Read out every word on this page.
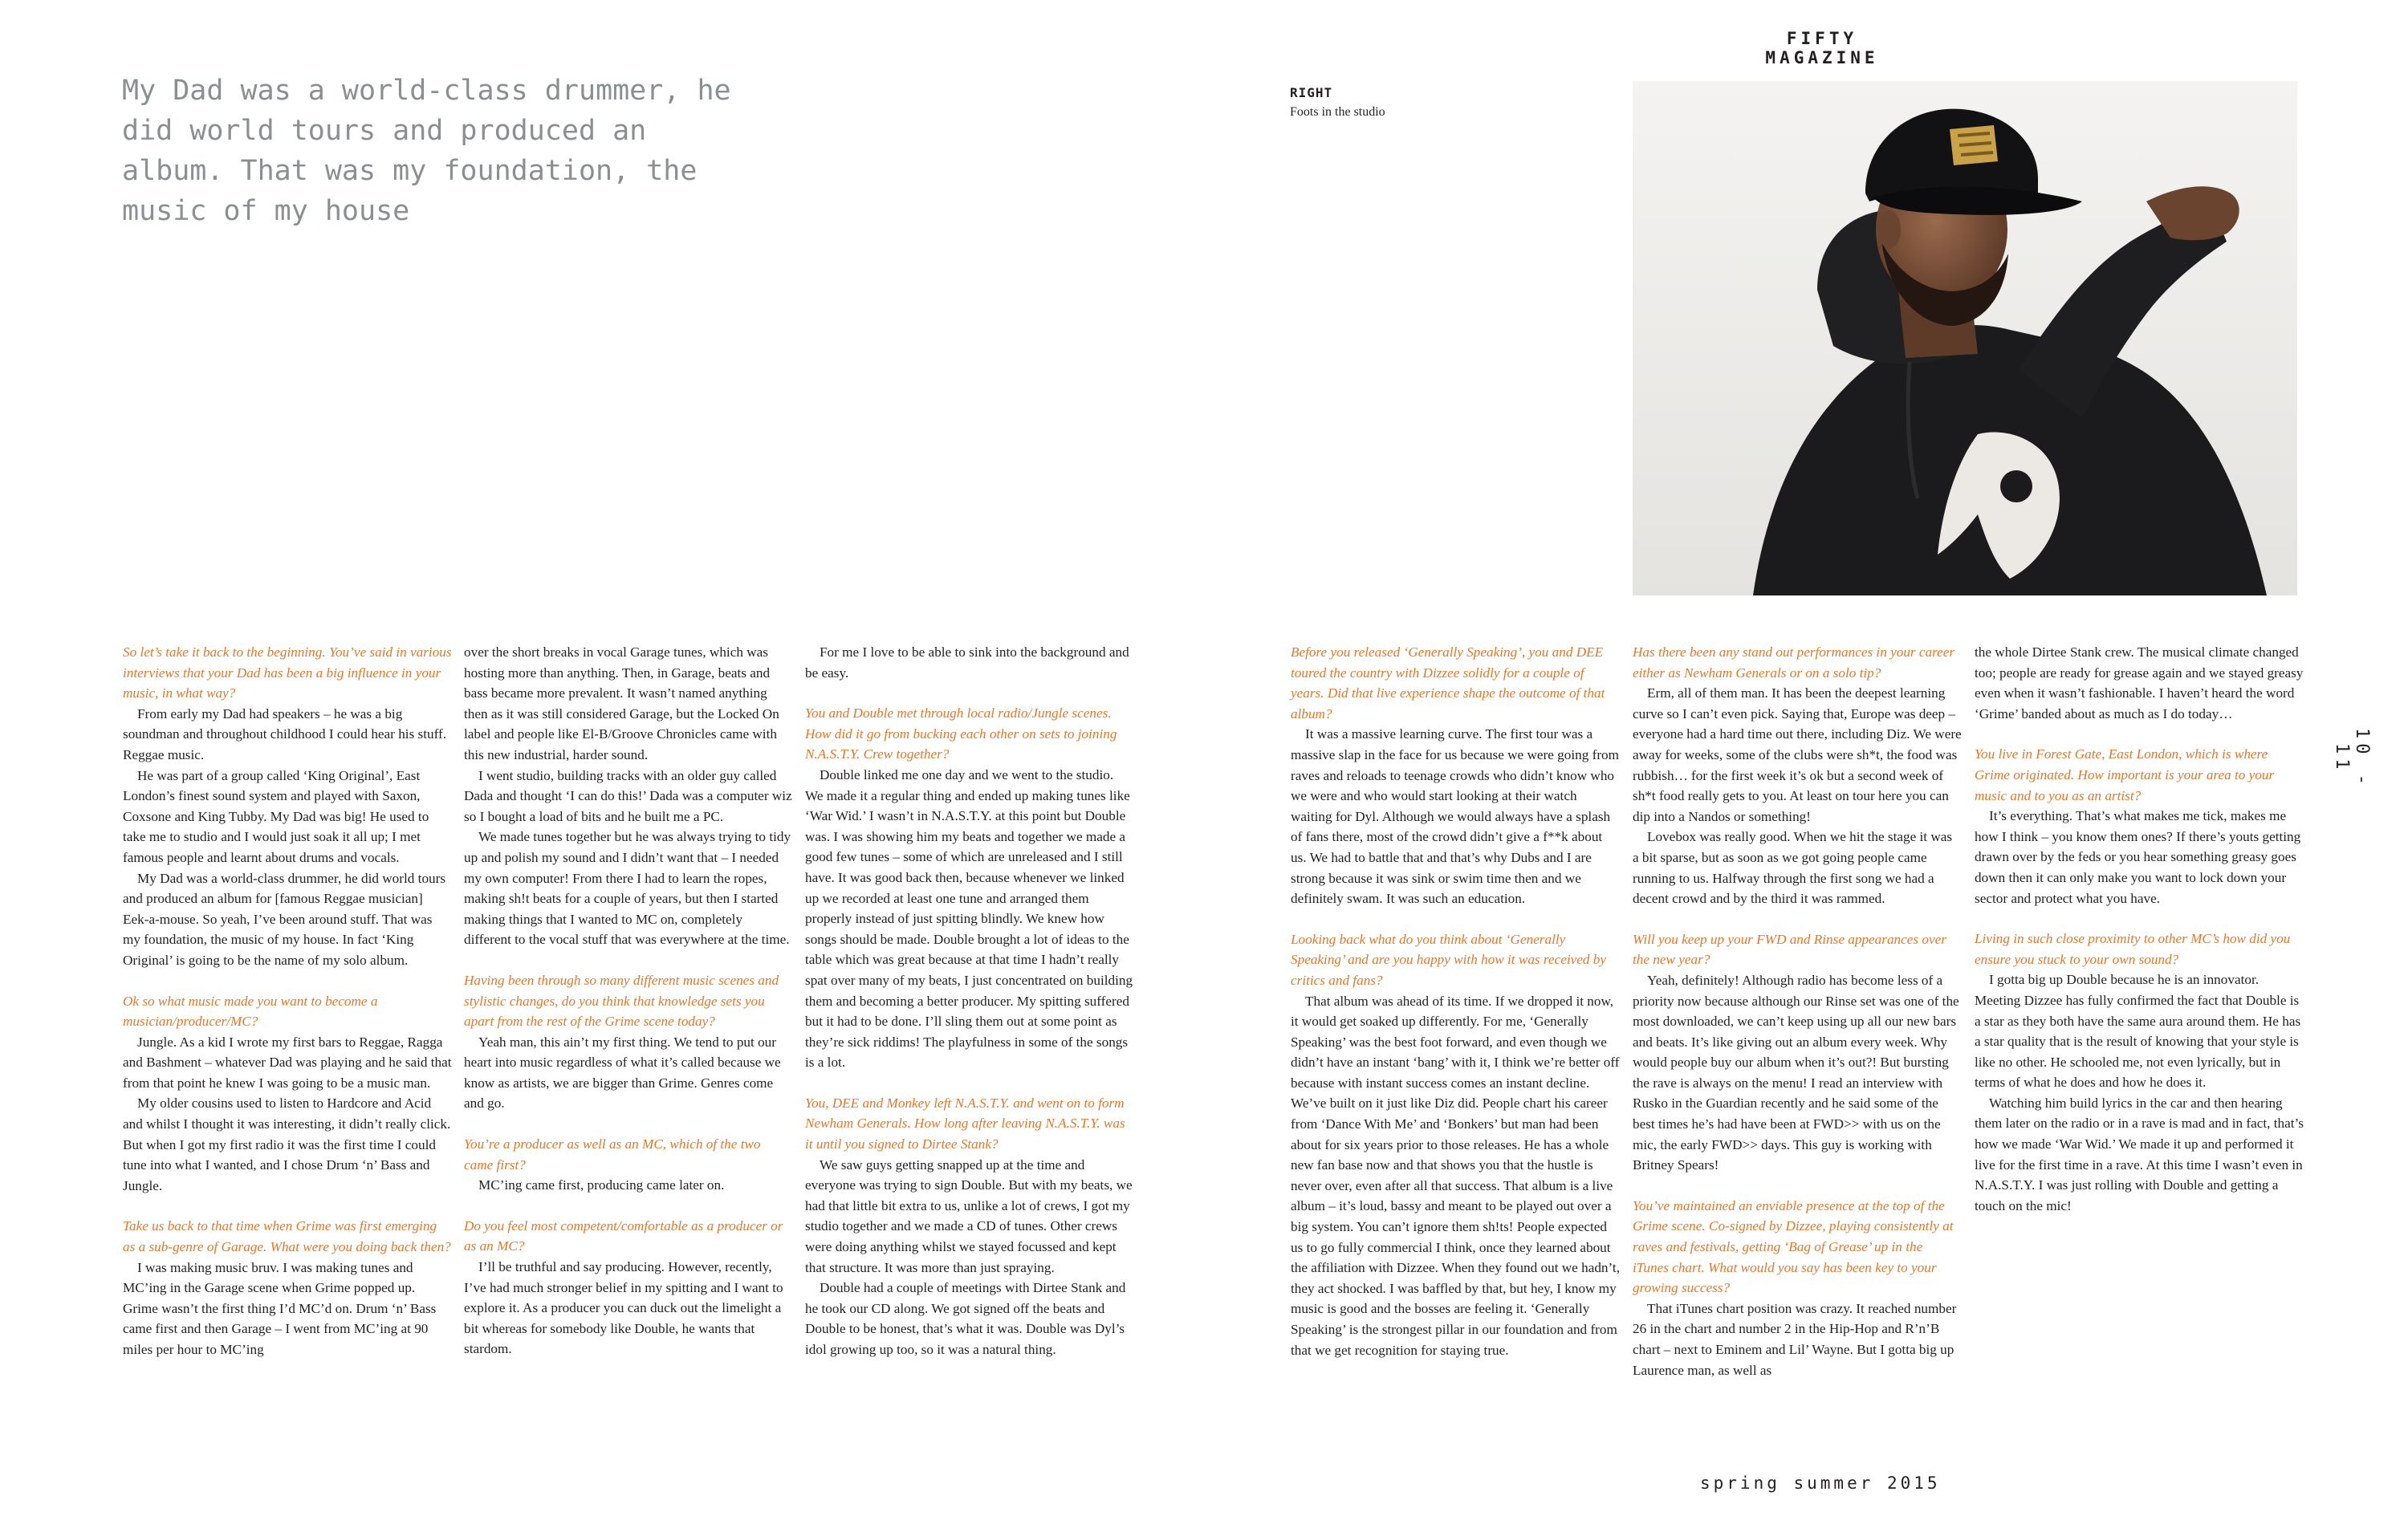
FIFTY MAGAZINE
My Dad was a world-class drummer, he did world tours and produced an album. That was my foundation, the music of my house
RIGHT
Foots in the studio
10 - 11
spring summer 2015

So let’s take it back to the beginning. You’ve said in various interviews that your Dad has been a big influence in your music, in what way?

From early my Dad had speakers – he was a big soundman and throughout childhood I could hear his stuff. Reggae music.

He was part of a group called ‘King Original’, East London’s finest sound system and played with Saxon, Coxsone and King Tubby. My Dad was big! He used to take me to studio and I would just soak it all up; I met famous people and learnt about drums and vocals.

My Dad was a world-class drummer, he did world tours and produced an album for [famous Reggae musician] Eek-a-mouse. So yeah, I’ve been around stuff. That was my foundation, the music of my house. In fact ‘King Original’ is going to be the name of my solo album.

Ok so what music made you want to become a musician/producer/MC?

Jungle. As a kid I wrote my first bars to Reggae, Ragga and Bashment – whatever Dad was playing and he said that from that point he knew I was going to be a music man.

My older cousins used to listen to Hardcore and Acid and whilst I thought it was interesting, it didn’t really click. But when I got my first radio it was the first time I could tune into what I wanted, and I chose Drum ‘n’ Bass and Jungle.

Take us back to that time when Grime was first emerging as a sub-genre of Garage. What were you doing back then?

I was making music bruv. I was making tunes and MC’ing in the Garage scene when Grime popped up. Grime wasn’t the first thing I’d MC’d on. Drum ‘n’ Bass came first and then Garage – I went from MC’ing at 90 miles per hour to MC’ing

over the short breaks in vocal Garage tunes, which was hosting more than anything. Then, in Garage, beats and bass became more prevalent. It wasn’t named anything then as it was still considered Garage, but the Locked On label and people like El-B/Groove Chronicles came with this new industrial, harder sound.

I went studio, building tracks with an older guy called Dada and thought ‘I can do this!’ Dada was a computer wiz so I bought a load of bits and he built me a PC.

We made tunes together but he was always trying to tidy up and polish my sound and I didn’t want that – I needed my own computer! From there I had to learn the ropes, making sh!t beats for a couple of years, but then I started making things that I wanted to MC on, completely different to the vocal stuff that was everywhere at the time.

Having been through so many different music scenes and stylistic changes, do you think that knowledge sets you apart from the rest of the Grime scene today?

Yeah man, this ain’t my first thing. We tend to put our heart into music regardless of what it’s called because we know as artists, we are bigger than Grime. Genres come and go.

You’re a producer as well as an MC, which of the two came first?

MC’ing came first, producing came later on.

Do you feel most competent/comfortable as a producer or as an MC?

I’ll be truthful and say producing. However, recently, I’ve had much stronger belief in my spitting and I want to explore it. As a producer you can duck out the limelight a bit whereas for somebody like Double, he wants that stardom.

For me I love to be able to sink into the background and be easy.

You and Double met through local radio/Jungle scenes. How did it go from bucking each other on sets to joining N.A.S.T.Y. Crew together?

Double linked me one day and we went to the studio. We made it a regular thing and ended up making tunes like ‘War Wid.’ I wasn’t in N.A.S.T.Y. at this point but Double was. I was showing him my beats and together we made a good few tunes – some of which are unreleased and I still have. It was good back then, because whenever we linked up we recorded at least one tune and arranged them properly instead of just spitting blindly. We knew how songs should be made. Double brought a lot of ideas to the table which was great because at that time I hadn’t really spat over many of my beats, I just concentrated on building them and becoming a better producer. My spitting suffered but it had to be done. I’ll sling them out at some point as they’re sick riddims! The playfulness in some of the songs is a lot.

You, DEE and Monkey left N.A.S.T.Y. and went on to form Newham Generals. How long after leaving N.A.S.T.Y. was it until you signed to Dirtee Stank?

We saw guys getting snapped up at the time and everyone was trying to sign Double. But with my beats, we had that little bit extra to us, unlike a lot of crews, I got my studio together and we made a CD of tunes. Other crews were doing anything whilst we stayed focussed and kept that structure. It was more than just spraying.

Double had a couple of meetings with Dirtee Stank and he took our CD along. We got signed off the beats and Double to be honest, that’s what it was. Double was Dyl’s idol growing up too, so it was a natural thing.

Before you released ‘Generally Speaking’, you and DEE toured the country with Dizzee solidly for a couple of years. Did that live experience shape the outcome of that album?

It was a massive learning curve. The first tour was a massive slap in the face for us because we were going from raves and reloads to teenage crowds who didn’t know who we were and who would start looking at their watch waiting for Dyl. Although we would always have a splash of fans there, most of the crowd didn’t give a f**k about us. We had to battle that and that’s why Dubs and I are strong because it was sink or swim time then and we definitely swam. It was such an education.

Looking back what do you think about ‘Generally Speaking’ and are you happy with how it was received by critics and fans?

That album was ahead of its time. If we dropped it now, it would get soaked up differently. For me, ‘Generally Speaking’ was the best foot forward, and even though we didn’t have an instant ‘bang’ with it, I think we’re better off because with instant success comes an instant decline. We’ve built on it just like Diz did. People chart his career from ‘Dance With Me’ and ‘Bonkers’ but man had been about for six years prior to those releases. He has a whole new fan base now and that shows you that the hustle is never over, even after all that success. That album is a live album – it’s loud, bassy and meant to be played out over a big system. You can’t ignore them sh!ts! People expected us to go fully commercial I think, once they learned about the affiliation with Dizzee. When they found out we hadn’t, they act shocked. I was baffled by that, but hey, I know my music is good and the bosses are feeling it. ‘Generally Speaking’ is the strongest pillar in our foundation and from that we get recognition for staying true.

Has there been any stand out performances in your career either as Newham Generals or on a solo tip?

Erm, all of them man. It has been the deepest learning curve so I can’t even pick. Saying that, Europe was deep – everyone had a hard time out there, including Diz. We were away for weeks, some of the clubs were sh*t, the food was rubbish… for the first week it’s ok but a second week of sh*t food really gets to you. At least on tour here you can dip into a Nandos or something!

Lovebox was really good. When we hit the stage it was a bit sparse, but as soon as we got going people came running to us. Halfway through the first song we had a decent crowd and by the third it was rammed.

Will you keep up your FWD and Rinse appearances over the new year?

Yeah, definitely! Although radio has become less of a priority now because although our Rinse set was one of the most downloaded, we can’t keep using up all our new bars and beats. It’s like giving out an album every week. Why would people buy our album when it’s out?! But bursting the rave is always on the menu! I read an interview with Rusko in the Guardian recently and he said some of the best times he’s had have been at FWD>> with us on the mic, the early FWD>> days. This guy is working with Britney Spears!

You’ve maintained an enviable presence at the top of the Grime scene. Co-signed by Dizzee, playing consistently at raves and festivals, getting ‘Bag of Grease’ up in the iTunes chart. What would you say has been key to your growing success?

That iTunes chart position was crazy. It reached number 26 in the chart and number 2 in the Hip-Hop and R’n’B chart – next to Eminem and Lil’ Wayne. But I gotta big up Laurence man, as well as

the whole Dirtee Stank crew. The musical climate changed too; people are ready for grease again and we stayed greasy even when it wasn’t fashionable. I haven’t heard the word ‘Grime’ banded about as much as I do today…

You live in Forest Gate, East London, which is where Grime originated. How important is your area to your music and to you as an artist?

It’s everything. That’s what makes me tick, makes me how I think – you know them ones? If there’s youts getting drawn over by the feds or you hear something greasy goes down then it can only make you want to lock down your sector and protect what you have.

Living in such close proximity to other MC’s how did you ensure you stuck to your own sound?

I gotta big up Double because he is an innovator. Meeting Dizzee has fully confirmed the fact that Double is a star as they both have the same aura around them. He has a star quality that is the result of knowing that your style is like no other. He schooled me, not even lyrically, but in terms of what he does and how he does it.

Watching him build lyrics in the car and then hearing them later on the radio or in a rave is mad and in fact, that’s how we made ‘War Wid.’ We made it up and performed it live for the first time in a rave. At this time I wasn’t even in N.A.S.T.Y. I was just rolling with Double and getting a touch on the mic!
